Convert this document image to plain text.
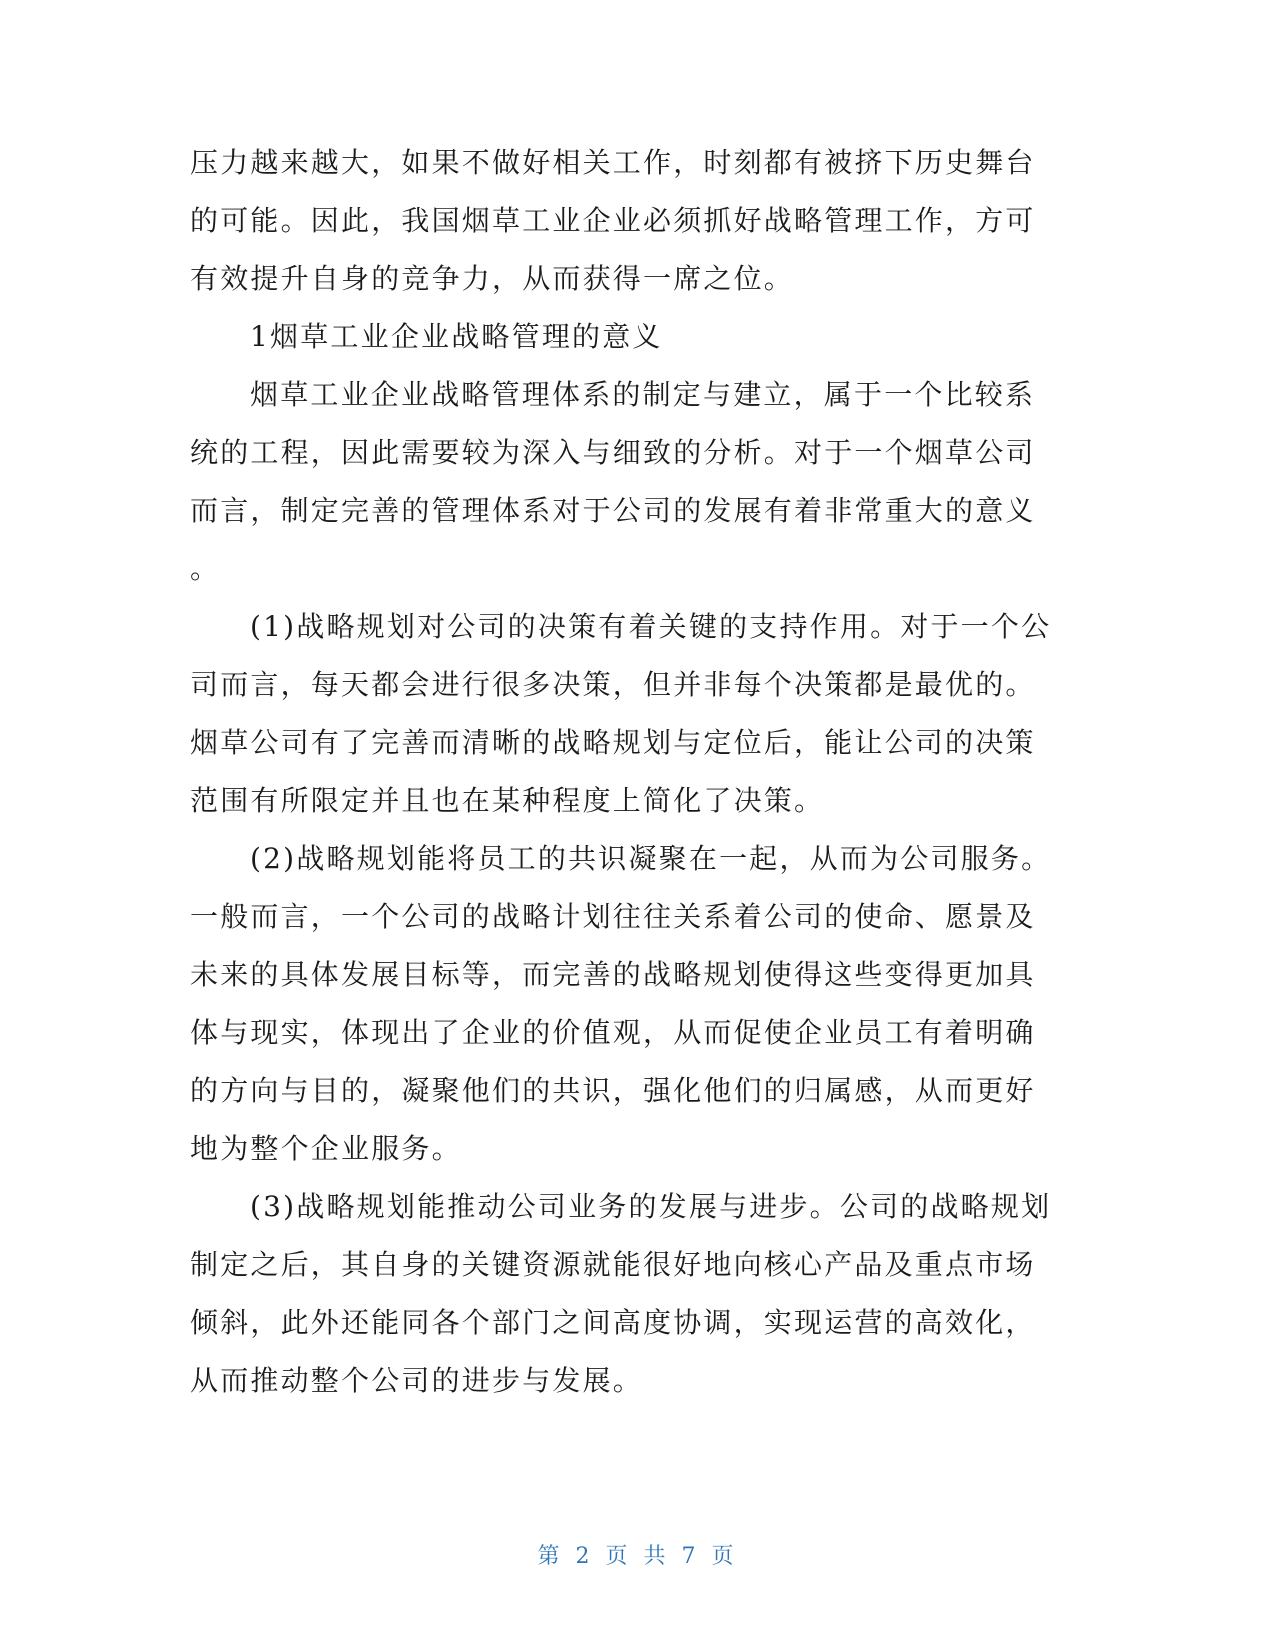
压力越来越大，如果不做好相关工作，时刻都有被挤下历史舞台
的可能。因此，我国烟草工业企业必须抓好战略管理工作，方可
有效提升自身的竞争力，从而获得一席之位。
1烟草工业企业战略管理的意义
烟草工业企业战略管理体系的制定与建立，属于一个比较系
统的工程，因此需要较为深入与细致的分析。对于一个烟草公司
而言，制定完善的管理体系对于公司的发展有着非常重大的意义
。
(1)战略规划对公司的决策有着关键的支持作用。对于一个公
司而言，每天都会进行很多决策，但并非每个决策都是最优的。
烟草公司有了完善而清晰的战略规划与定位后，能让公司的决策
范围有所限定并且也在某种程度上简化了决策。
(2)战略规划能将员工的共识凝聚在一起，从而为公司服务。
一般而言，一个公司的战略计划往往关系着公司的使命、愿景及
未来的具体发展目标等，而完善的战略规划使得这些变得更加具
体与现实，体现出了企业的价值观，从而促使企业员工有着明确
的方向与目的，凝聚他们的共识，强化他们的归属感，从而更好
地为整个企业服务。
(3)战略规划能推动公司业务的发展与进步。公司的战略规划
制定之后，其自身的关键资源就能很好地向核心产品及重点市场
倾斜，此外还能同各个部门之间高度协调，实现运营的高效化，
从而推动整个公司的进步与发展。
第 2 页 共 7 页
